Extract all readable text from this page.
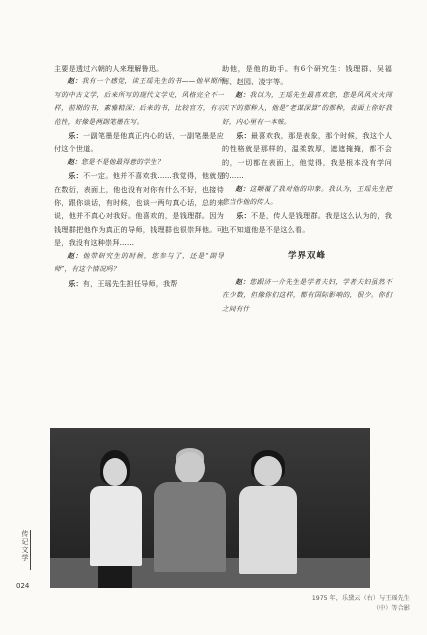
主要是透过六朝的人来理解鲁迅。

赵：我有一个感觉，读王瑶先生的书——他早期所写的中古文学，后来所写的现代文学史，风格完全不一样，前期的书，素雅精深；后来的书，比较官方，有示范性，好像是两副笔墨在写。

乐：一副笔墨是他真正内心的话，一副笔墨是应付这个世道。

赵：您是不是他最得意的学生？

乐：不一定。他并不喜欢我……我觉得，他就是在数衍，表面上，他也没有对你有什么不好，也接待你，跟你谈话，有时候，也谈一两句真心话，总的来说，他并不真心对我好。他喜欢的，是钱理群。因为钱理群把他作为真正的导师，钱理群也很崇拜他。可是，我没有这种崇拜……

赵：他带研究生的时候，您参与了，还是“副导师”，有这个情况吗？

乐：有，王瑶先生担任导师，我帮

助他，是他的助手。有6个研究生：钱理群、吴福辉、赵园、凌宇等。

赵：我以为，王瑶先生最喜欢您，您是风风火火闯天下的那种人，他是“老谋深算”的那种，表面上你好我好，内心里有一本账。

乐：最喜欢我，那是表象，那个时候，我这个人的性格就是那样的，温柔敦厚，遮遮掩掩，都不会的，一切都在表面上，他觉得，我是根本没有学问的……

赵：这颠覆了我对他的印象。我认为，王瑶先生把您当作他的传人。

乐：不是，传人是钱理群。我是这么认为的，我也不知道他是不是这么看。

学界双峰

赵：您跟济一介先生是学者夫妇，学者夫妇虽然不在少数，但像你们这样，都有国际影响的，很少。你们之间有什

传记文学
024
1975 年，乐黛云（右）与王瑶先生（中）等合影
